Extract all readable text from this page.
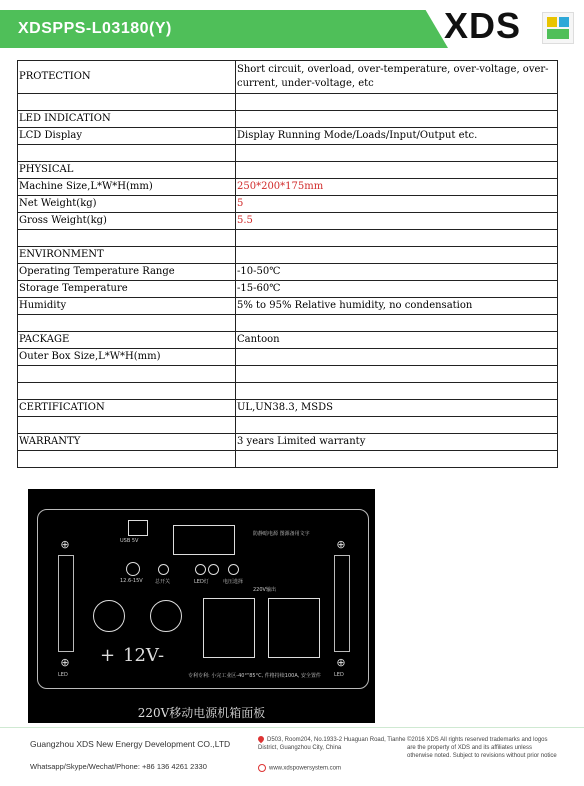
XDSPPS-L03180(Y)	XDS
PROTECTION	Short circuit, overload, over-temperature, over-voltage, over-current, under-voltage, etc

LED INDICATION	
LCD Display	Display Running Mode/Loads/Input/Output etc.

PHYSICAL	
Machine Size,L*W*H(mm)	250*200*175mm
Net Weight(kg)	5
Gross Weight(kg)	5.5

ENVIRONMENT	
Operating Temperature Range	-10-50℃
Storage Temperature	-15-60℃
Humidity	5% to 95% Relative humidity, no condensation

PACKAGE	Cantoon
Outer Box Size,L*W*H(mm)	

CERTIFICATION	UL,UN38.3, MSDS

WARRANTY	3 years Limited warranty

⊕
⊕
⊕
⊕
LED	LED
USB 5V
防静暗电源 图源备用文字
12.6-15V 总开关	LED灯	电压选择
220V输出
+ 12V -
专利专利: 小完工业区-40°"85°C, 件格持续100A, 安全置件
220V移动电源机箱面板
Guangzhou XDS New Energy Development CO.,LTD
Whatsapp/Skype/Wechat/Phone: +86 136 4261 2330
D503, Room204, No.1933-2 Huaguan Road, Tianhe District, Guangzhou City, China
www.xdspowersystem.com
©2016 XDS All rights reserved trademarks and logos are the property of XDS and its affiliates unless otherwise noted. Subject to revisions without prior notice
